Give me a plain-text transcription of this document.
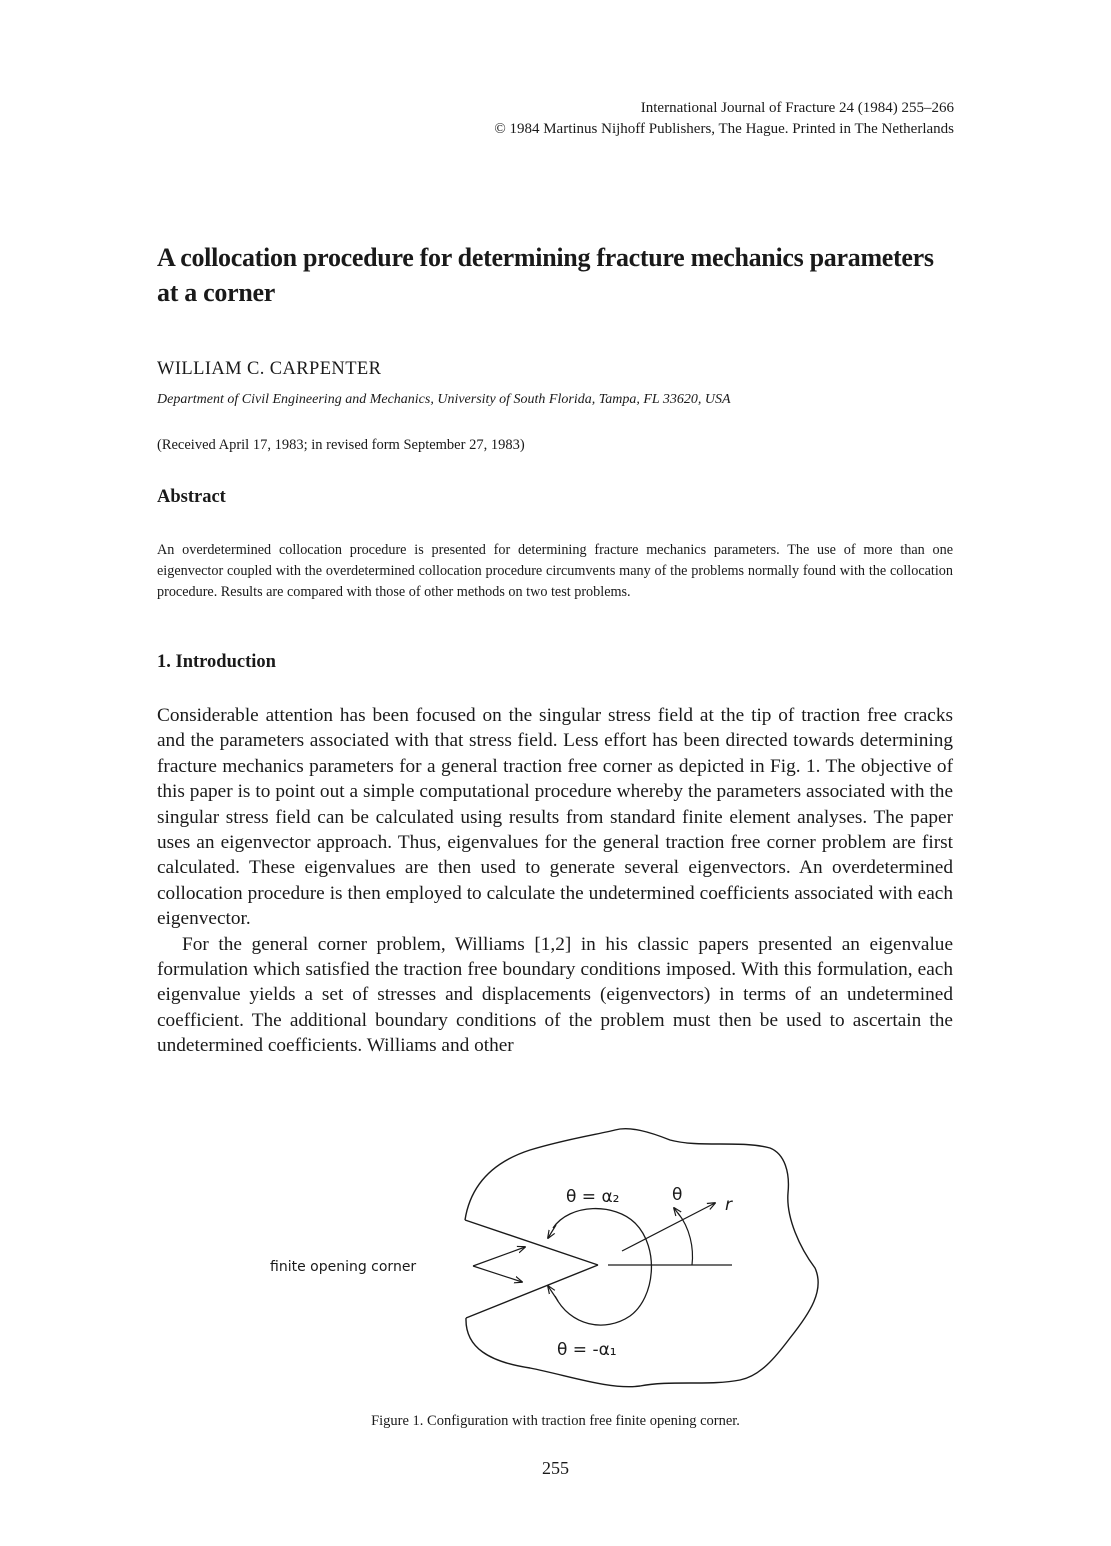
International Journal of Fracture 24 (1984) 255–266
© 1984 Martinus Nijhoff Publishers, The Hague. Printed in The Netherlands
A collocation procedure for determining fracture mechanics parameters at a corner
WILLIAM C. CARPENTER
Department of Civil Engineering and Mechanics, University of South Florida, Tampa, FL 33620, USA
(Received April 17, 1983; in revised form September 27, 1983)
Abstract
An overdetermined collocation procedure is presented for determining fracture mechanics parameters. The use of more than one eigenvector coupled with the overdetermined collocation procedure circumvents many of the problems normally found with the collocation procedure. Results are compared with those of other methods on two test problems.
1. Introduction

Considerable attention has been focused on the singular stress field at the tip of traction free cracks and the parameters associated with that stress field. Less effort has been directed towards determining fracture mechanics parameters for a general traction free corner as depicted in Fig. 1. The objective of this paper is to point out a simple computational procedure whereby the parameters associated with the singular stress field can be calculated using results from standard finite element analyses. The paper uses an eigenvector approach. Thus, eigenvalues for the general traction free corner problem are first calculated. These eigenvalues are then used to generate several eigenvectors. An overdetermined collocation procedure is then employed to calculate the undetermined coefficients associated with each eigenvector.

For the general corner problem, Williams [1,2] in his classic papers presented an eigenvalue formulation which satisfied the traction free boundary conditions imposed. With this formulation, each eigenvalue yields a set of stresses and displacements (eigenvectors) in terms of an undetermined coefficient. The additional boundary conditions of the problem must then be used to ascertain the undetermined coefficients. Williams and other

finite opening corner
θ = α₂	θ	r
θ = -α₁
Figure 1. Configuration with traction free finite opening corner.
255
